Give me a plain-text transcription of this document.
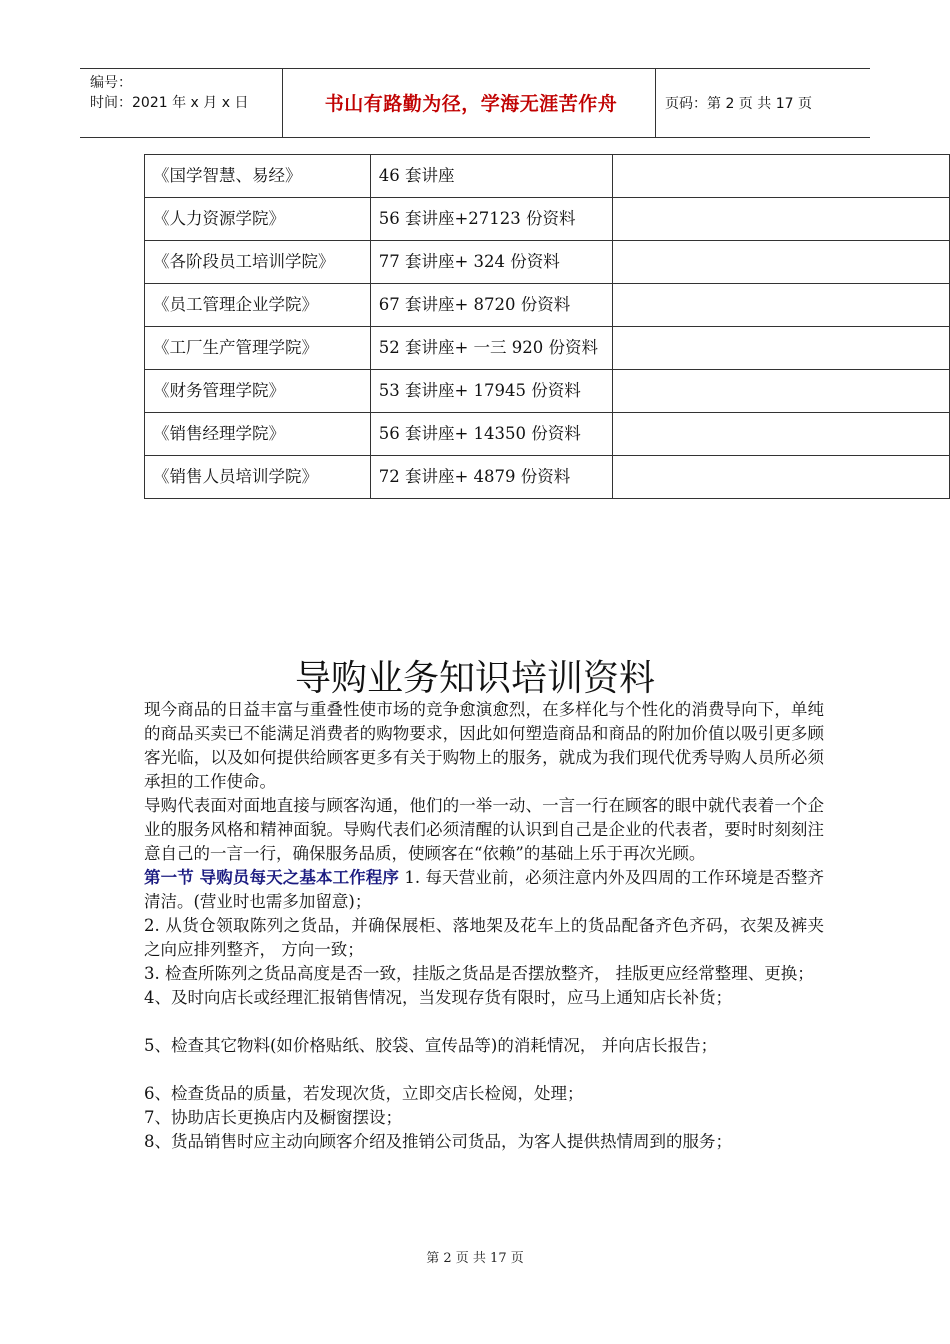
编号：
时间：2021 年 x 月 x 日	书山有路勤为径，学海无涯苦作舟	页码：第 2 页 共 17 页
《国学智慧、易经》	46 套讲座	
《人力资源学院》	56 套讲座+27123 份资料	
《各阶段员工培训学院》	77 套讲座+ 324 份资料	
《员工管理企业学院》	67 套讲座+ 8720 份资料	
《工厂生产管理学院》	52 套讲座+ 一三 920 份资料	
《财务管理学院》	53 套讲座+ 17945 份资料	
《销售经理学院》	56 套讲座+ 14350 份资料	
《销售人员培训学院》	72 套讲座+ 4879 份资料	
导购业务知识培训资料

现今商品的日益丰富与重叠性使市场的竞争愈演愈烈，在多样化与个性化的消费导向下，单纯的商品买卖已不能满足消费者的购物要求，因此如何塑造商品和商品的附加价值以吸引更多顾客光临，以及如何提供给顾客更多有关于购物上的服务，就成为我们现代优秀导购人员所必须承担的工作使命。

导购代表面对面地直接与顾客沟通，他们的一举一动、一言一行在顾客的眼中就代表着一个企业的服务风格和精神面貌。导购代表们必须清醒的认识到自己是企业的代表者，要时时刻刻注意自己的一言一行，确保服务品质，使顾客在“依赖”的基础上乐于再次光顾。

第一节 导购员每天之基本工作程序 1. 每天营业前，必须注意内外及四周的工作环境是否整齐清洁。(营业时也需多加留意)；

2. 从货仓领取陈列之货品，并确保展柜、落地架及花车上的货品配备齐色齐码，衣架及裤夹之向应排列整齐， 方向一致；

3. 检查所陈列之货品高度是否一致，挂版之货品是否摆放整齐， 挂版更应经常整理、更换；

4、及时向店长或经理汇报销售情况，当发现存货有限时，应马上通知店长补货；

5、检查其它物料(如价格贴纸、胶袋、宣传品等)的消耗情况， 并向店长报告；

6、检查货品的质量，若发现次货，立即交店长检阅，处理；

7、协助店长更换店内及橱窗摆设；

8、货品销售时应主动向顾客介绍及推销公司货品，为客人提供热情周到的服务；

第 2 页 共 17 页
